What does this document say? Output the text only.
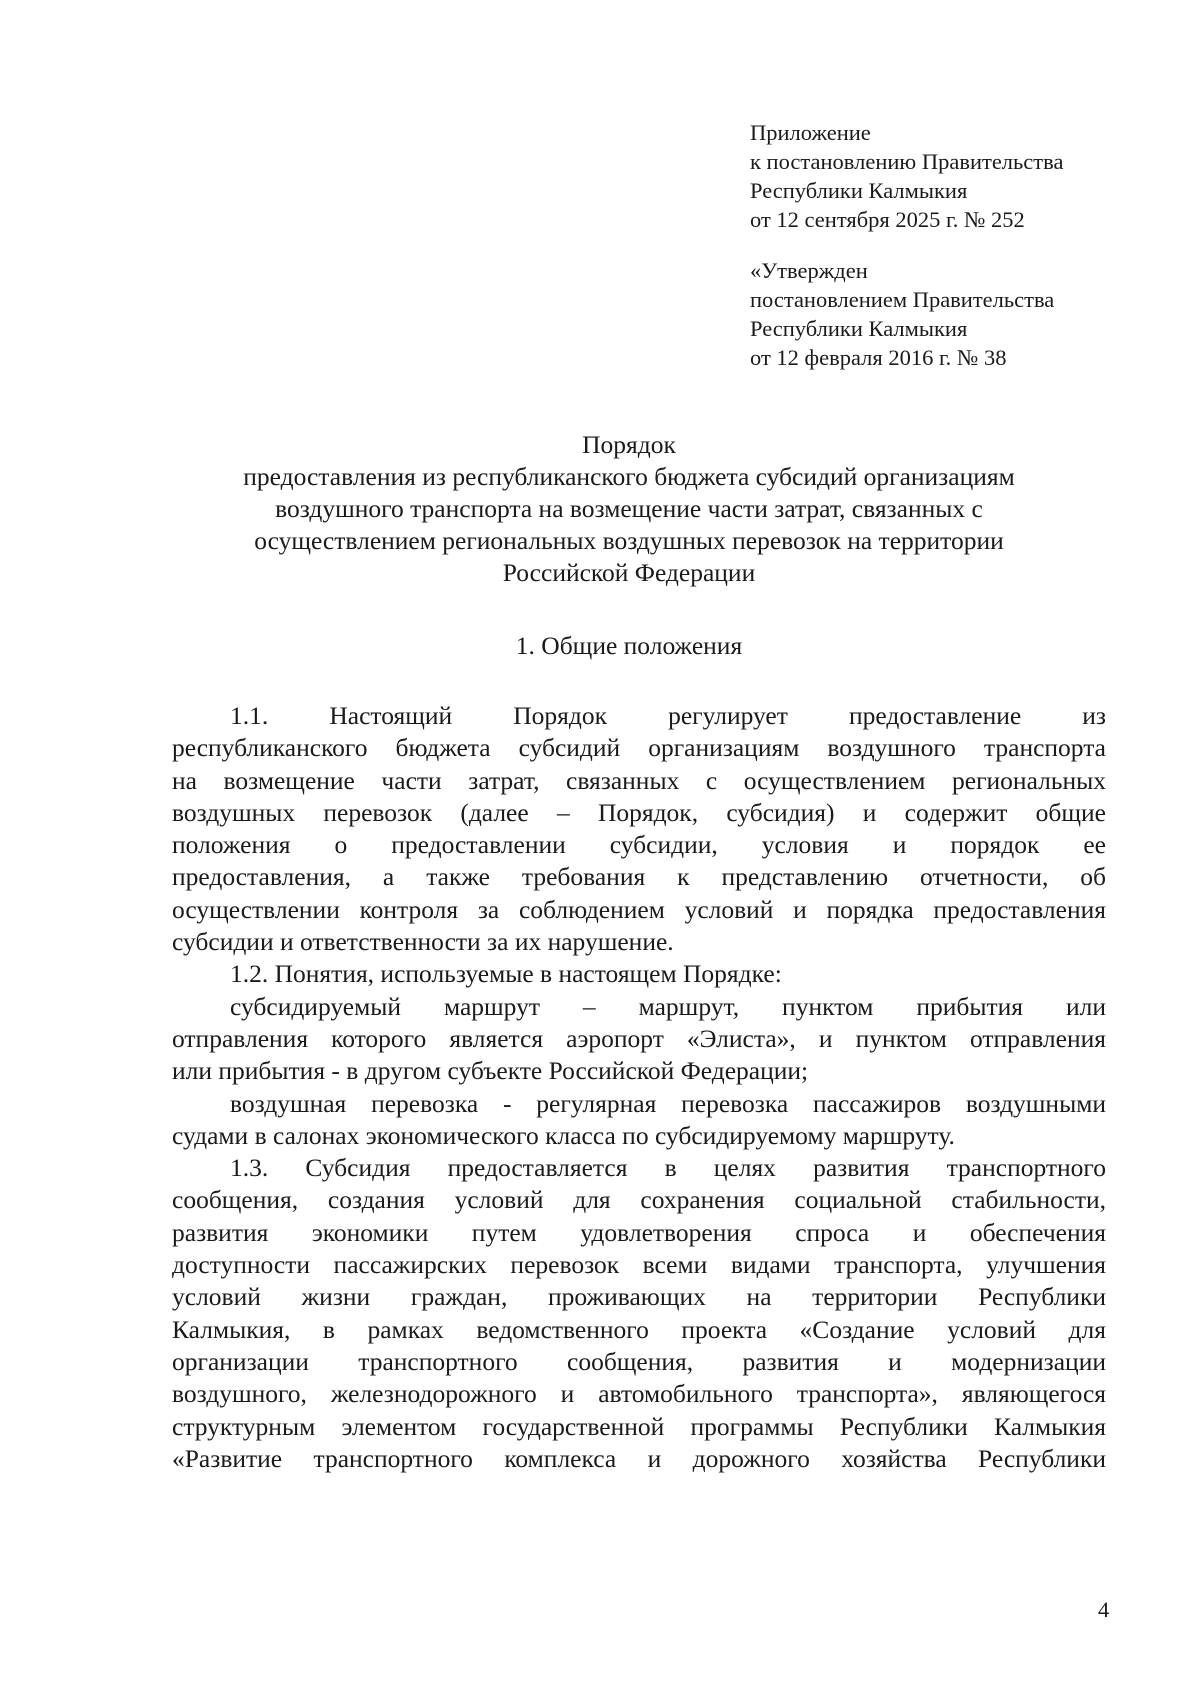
Приложение
к постановлению Правительства
Республики Калмыкия
от 12 сентября 2025 г. № 252
«Утвержден
постановлением Правительства
Республики Калмыкия
от 12 февраля 2016 г. № 38
Порядок
предоставления из республиканского бюджета субсидий организациям
воздушного транспорта на возмещение части затрат, связанных с
осуществлением региональных воздушных перевозок на территории
Российской Федерации
1. Общие положения
1.1. Настоящий Порядок регулирует предоставление из
республиканского бюджета субсидий организациям воздушного транспорта
на возмещение части затрат, связанных с осуществлением региональных
воздушных перевозок (далее – Порядок, субсидия) и содержит общие
положения о предоставлении субсидии, условия и порядок ее
предоставления, а также требования к представлению отчетности, об
осуществлении контроля за соблюдением условий и порядка предоставления
субсидии и ответственности за их нарушение.
1.2. Понятия, используемые в настоящем Порядке:
субсидируемый маршрут – маршрут, пунктом прибытия или
отправления которого является аэропорт «Элиста», и пунктом отправления
или прибытия - в другом субъекте Российской Федерации;
воздушная перевозка - регулярная перевозка пассажиров воздушными
судами в салонах экономического класса по субсидируемому маршруту.
1.3. Субсидия предоставляется в целях развития транспортного
сообщения, создания условий для сохранения социальной стабильности,
развития экономики путем удовлетворения спроса и обеспечения
доступности пассажирских перевозок всеми видами транспорта, улучшения
условий жизни граждан, проживающих на территории Республики
Калмыкия, в рамках ведомственного проекта «Создание условий для
организации транспортного сообщения, развития и модернизации
воздушного, железнодорожного и автомобильного транспорта», являющегося
структурным элементом государственной программы Республики Калмыкия
«Развитие транспортного комплекса и дорожного хозяйства Республики
4
